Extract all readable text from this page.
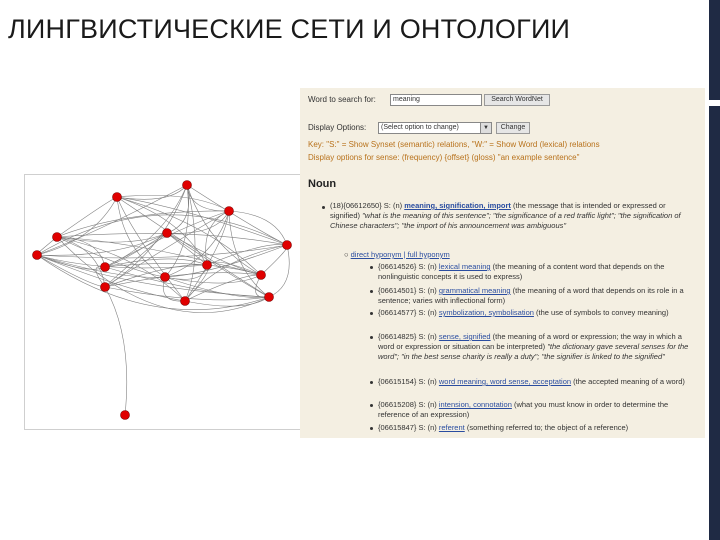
ЛИНГВИСТИЧЕСКИЕ СЕТИ И ОНТОЛОГИИ
Word to search for:	meaning	Search WordNet
Display Options:	(Select option to change)	▼	Change
Key: "S:" = Show Synset (semantic) relations, "W:" = Show Word (lexical) relations
Display options for sense: (frequency) {offset} (gloss) "an example sentence"
Noun
(18){06612650} S: (n) meaning, signification, import (the message that is intended or expressed or signified) "what is the meaning of this sentence"; "the significance of a red traffic light"; "the signification of Chinese characters"; "the import of his announcement was ambiguous"
○ direct hyponym | full hyponym
{06614526} S: (n) lexical meaning (the meaning of a content word that depends on the nonlinguistic concepts it is used to express)
{06614501} S: (n) grammatical meaning (the meaning of a word that depends on its role in a sentence; varies with inflectional form)
{06614577} S: (n) symbolization, symbolisation (the use of symbols to convey meaning)
{06614825} S: (n) sense, signified (the meaning of a word or expression; the way in which a word or expression or situation can be interpreted) "the dictionary gave several senses for the word"; "in the best sense charity is really a duty"; "the signifier is linked to the signified"
{06615154} S: (n) word meaning, word sense, acceptation (the accepted meaning of a word)
{06615208} S: (n) intension, connotation (what you must know in order to determine the reference of an expression)
{06615847} S: (n) referent (something referred to; the object of a reference)
